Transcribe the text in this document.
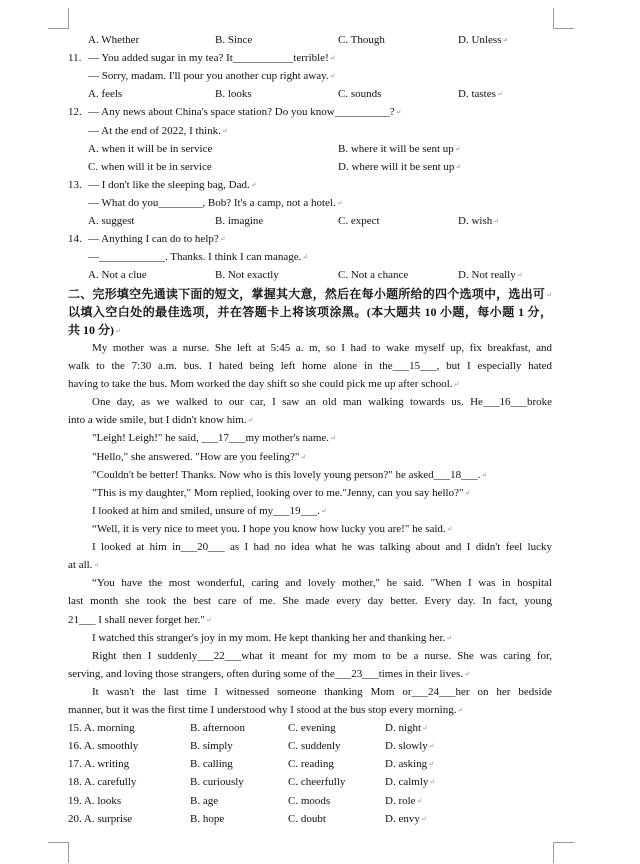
A. Whether	B. Since	C. Though	D. Unless ↵
11. — You added sugar in my tea? It___________terrible! ↵
— Sorry, madam. I'll pour you another cup right away. ↵
A. feels	B. looks	C. sounds	D. tastes ↵
12. — Any news about China's space station? Do you know__________? ↵
— At the end of 2022, I think. ↵
A. when it will be in service	B. where it will be sent up ↵
C. when will it be in service	D. where will it be sent up ↵
13. — I don't like the sleeping bag, Dad. ↵
— What do you________, Bob? It's a camp, not a hotel. ↵
A. suggest	B. imagine	C. expect	D. wish ↵
14. — Anything I can do to help? ↵
—____________. Thanks. I think I can manage. ↵
A. Not a clue	B. Not exactly	C. Not a chance	D. Not really ↵
二、完形填空先通读下面的短文，掌握其大意，然后在每小题所给的四个选项中，选出可 ↵
以填入空白处的最佳选项，并在答题卡上将该项涂黑。(本大题共 10 小题，每小题 1 分，
共 10 分) ↵
My mother was a nurse. She left at 5:45 a. m, so I had to wake myself up, fix breakfast, and
walk to the 7:30 a.m. bus. I hated being left home alone in the___15___, but I especially hated
having to take the bus. Mom worked the day shift so she could pick me up after school. ↵
One day, as we walked to our car, I saw an old man walking towards us. He___16___broke
into a wide smile, but I didn't know him. ↵
"Leigh! Leigh!" he said, ___17___my mother's name. ↵
"Hello," she answered. "How are you feeling?" ↵
"Couldn't be better! Thanks. Now who is this lovely young person?" he asked___18___. ↵
"This is my daughter," Mom replied, looking over to me."Jenny, can you say hello?" ↵
I looked at him and smiled, unsure of my___19___. ↵
“Well, it is very nice to meet you. I hope you know how lucky you are!" he said. ↵
I looked at him in___20___ as I had no idea what he was talking about and I didn't feel lucky
at all. ↵
“You have the most wonderful, caring and lovely mother," he said. "When I was in hospital
last month she took the best care of me. She made every day better. Every day. In fact, young
21___ I shall never forget her." ↵
I watched this stranger's joy in my mom. He kept thanking her and thanking her. ↵
Right then I suddenly___22___what it meant for my mom to be a nurse. She was caring for,
serving, and loving those strangers, often during some of the___23___times in their lives. ↵
It wasn't the last time I witnessed someone thanking Mom or___24___her on her bedside
manner, but it was the first time I understood why I stood at the bus stop every morning. ↵
15. A. morning	B. afternoon	C. evening	D. night ↵
16. A. smoothly	B. simply	C. suddenly	D. slowly ↵
17. A. writing	B. calling	C. reading	D. asking ↵
18. A. carefully	B. curiously	C. cheerfully	D. calmly ↵
19. A. looks	B. age	C. moods	D. role ↵
20. A. surprise	B. hope	C. doubt	D. envy ↵
